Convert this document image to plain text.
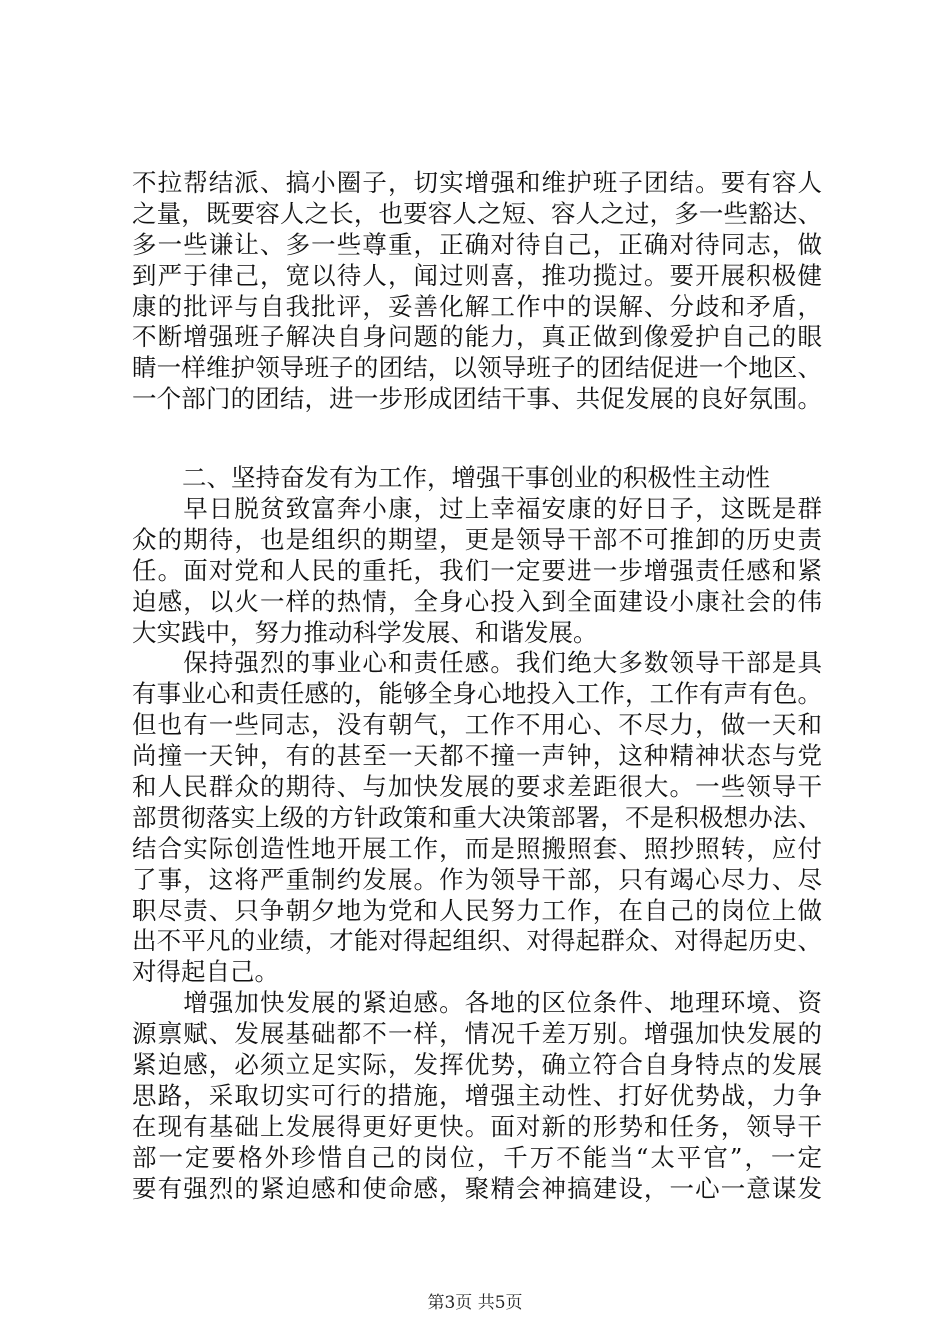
不拉帮结派、搞小圈子，切实增强和维护班子团结。要有容人
之量，既要容人之长，也要容人之短、容人之过，多一些豁达、
多一些谦让、多一些尊重，正确对待自己，正确对待同志，做
到严于律己，宽以待人，闻过则喜，推功揽过。要开展积极健
康的批评与自我批评，妥善化解工作中的误解、分歧和矛盾，
不断增强班子解决自身问题的能力，真正做到像爱护自己的眼
睛一样维护领导班子的团结，以领导班子的团结促进一个地区、
一个部门的团结，进一步形成团结干事、共促发展的良好氛围。
二、坚持奋发有为工作，增强干事创业的积极性主动性
　　早日脱贫致富奔小康，过上幸福安康的好日子，这既是群
众的期待，也是组织的期望，更是领导干部不可推卸的历史责
任。面对党和人民的重托，我们一定要进一步增强责任感和紧
迫感，以火一样的热情，全身心投入到全面建设小康社会的伟
大实践中，努力推动科学发展、和谐发展。
　　保持强烈的事业心和责任感。我们绝大多数领导干部是具
有事业心和责任感的，能够全身心地投入工作，工作有声有色。
但也有一些同志，没有朝气，工作不用心、不尽力，做一天和
尚撞一天钟，有的甚至一天都不撞一声钟，这种精神状态与党
和人民群众的期待、与加快发展的要求差距很大。一些领导干
部贯彻落实上级的方针政策和重大决策部署，不是积极想办法、
结合实际创造性地开展工作，而是照搬照套、照抄照转，应付
了事，这将严重制约发展。作为领导干部，只有竭心尽力、尽
职尽责、只争朝夕地为党和人民努力工作，在自己的岗位上做
出不平凡的业绩，才能对得起组织、对得起群众、对得起历史、
对得起自己。
　　增强加快发展的紧迫感。各地的区位条件、地理环境、资
源禀赋、发展基础都不一样，情况千差万别。增强加快发展的
紧迫感，必须立足实际，发挥优势，确立符合自身特点的发展
思路，采取切实可行的措施，增强主动性、打好优势战，力争
在现有基础上发展得更好更快。面对新的形势和任务，领导干
部一定要格外珍惜自己的岗位，千万不能当“太平官”，一定
要有强烈的紧迫感和使命感，聚精会神搞建设，一心一意谋发
第3页 共5页
